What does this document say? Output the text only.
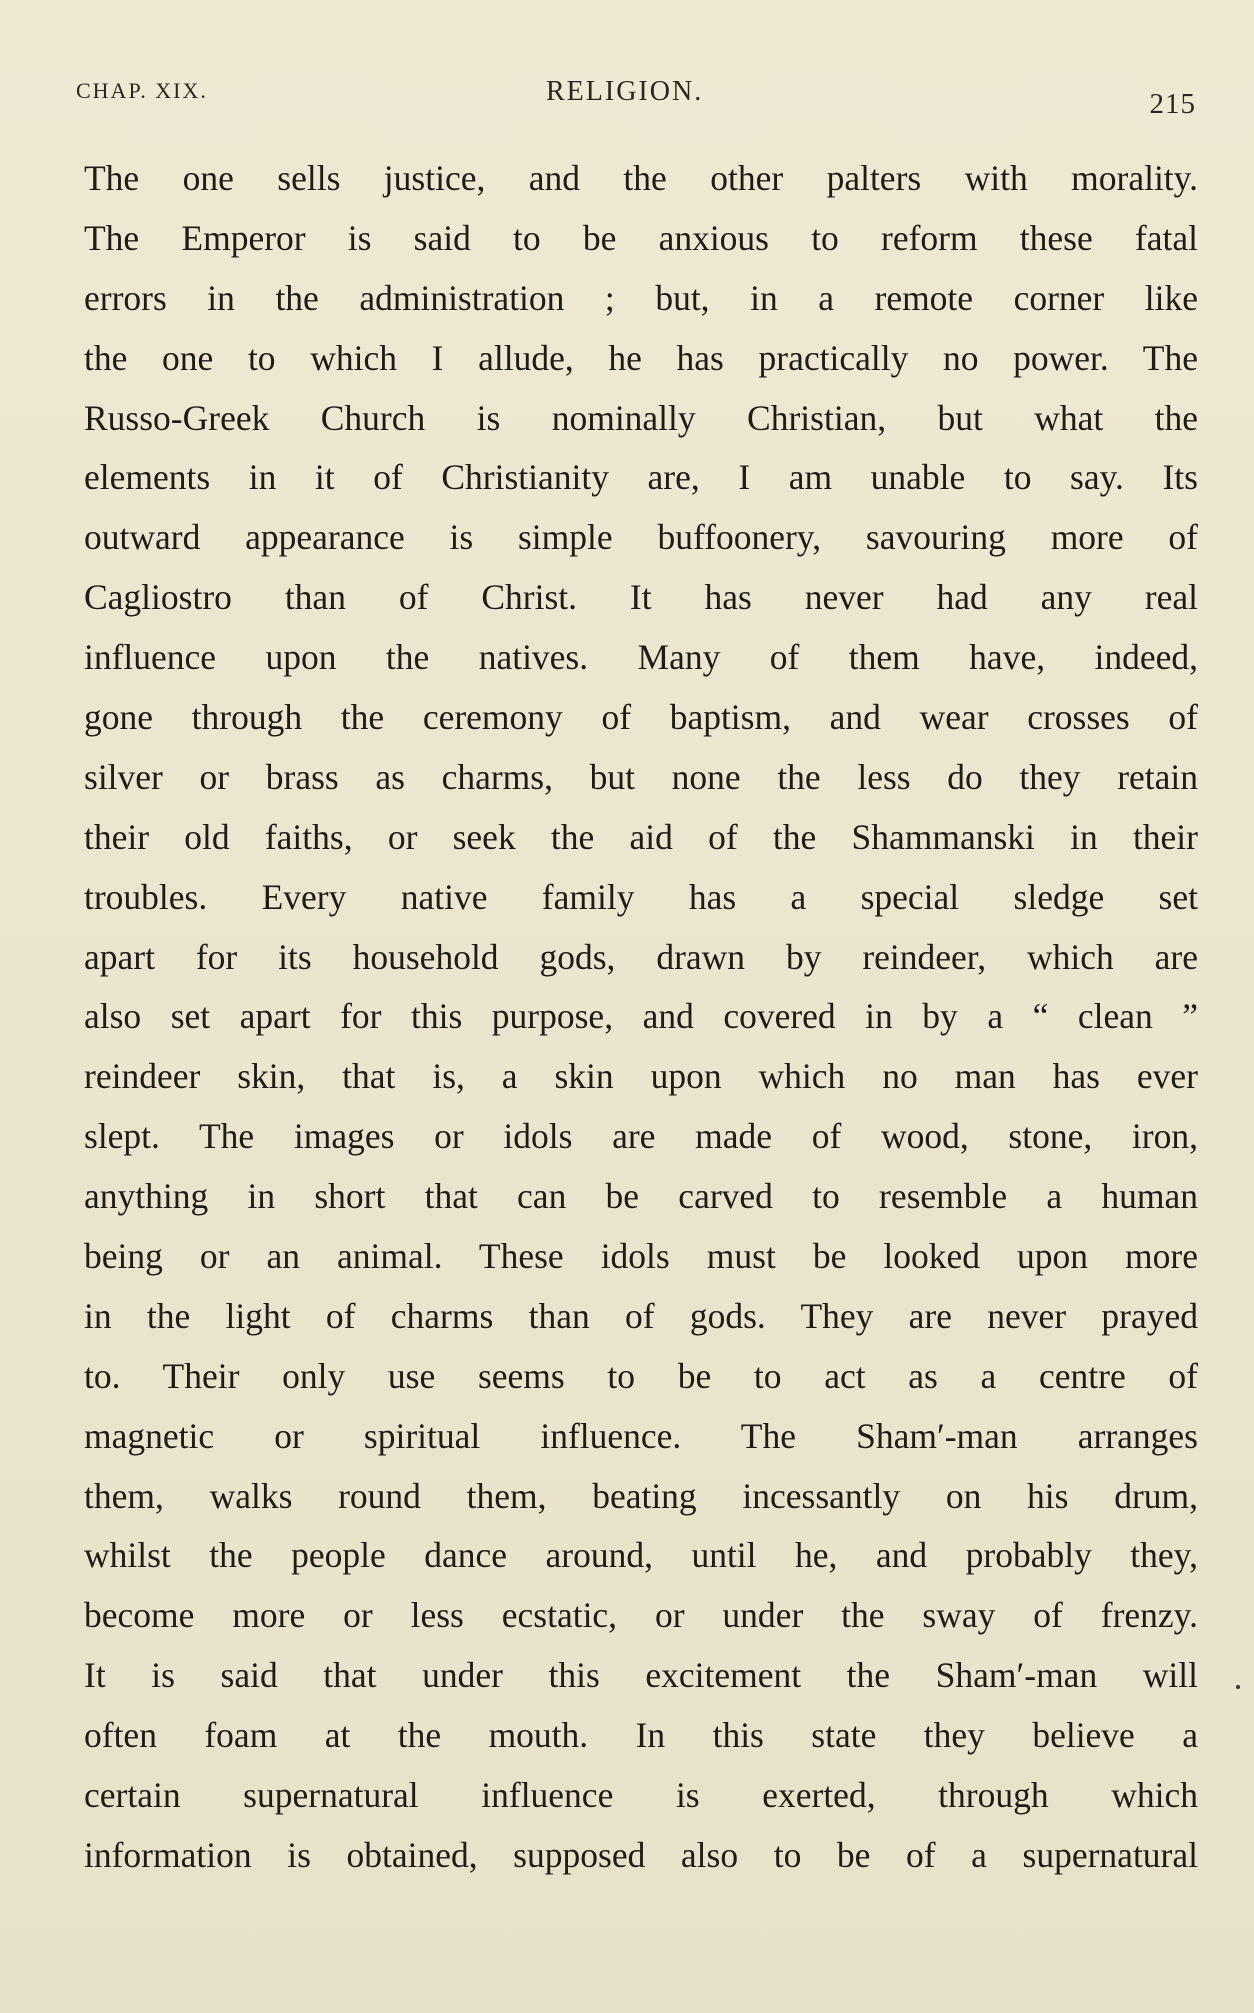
CHAP. XIX.	RELIGION.	215
The one sells justice, and the other palters with morality.
The Emperor is said to be anxious to reform these fatal
errors in the administration ; but, in a remote corner like
the one to which I allude, he has practically no power. The
Russo-Greek Church is nominally Christian, but what the
elements in it of Christianity are, I am unable to say. Its
outward appearance is simple buffoonery, savouring more of
Cagliostro than of Christ. It has never had any real
influence upon the natives. Many of them have, indeed,
gone through the ceremony of baptism, and wear crosses of
silver or brass as charms, but none the less do they retain
their old faiths, or seek the aid of the Shammanski in their
troubles. Every native family has a special sledge set
apart for its household gods, drawn by reindeer, which are
also set apart for this purpose, and covered in by a “ clean ”
reindeer skin, that is, a skin upon which no man has ever
slept. The images or idols are made of wood, stone, iron,
anything in short that can be carved to resemble a human
being or an animal. These idols must be looked upon more
in the light of charms than of gods. They are never prayed
to. Their only use seems to be to act as a centre of
magnetic or spiritual influence. The Sham′-man arranges
them, walks round them, beating incessantly on his drum,
whilst the people dance around, until he, and probably they,
become more or less ecstatic, or under the sway of frenzy.
It is said that under this excitement the Sham′-man will
often foam at the mouth. In this state they believe a
certain supernatural influence is exerted, through which
information is obtained, supposed also to be of a supernatural
